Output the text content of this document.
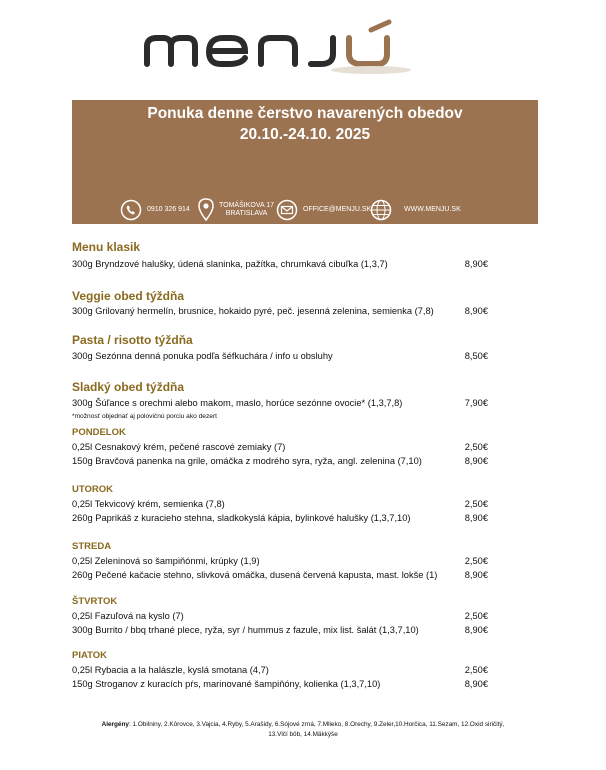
Ponuka denne čerstvo navarených obedov
20.10.-24.10. 2025
0910 326 914
TOMÁŠIKOVA 17
BRATISLAVA
OFFICE@MENJU.SK	WWW.MENJU.SK
Menu klasik
300g Bryndzové halušky, údená slaninka, pažítka, chrumkavá cibuľka (1,3,7)	8,90€
Veggie obed týždňa
300g Grilovaný hermelín, brusnice, hokaido pyré, peč. jesenná zelenina, semienka (7,8)	8,90€
Pasta / risotto týždňa
300g Sezónna denná ponuka podľa šéfkuchára / info u obsluhy	8,50€
Sladký obed týždňa
300g Šúľance s orechmi alebo makom, maslo, horúce sezónne ovocie* (1,3,7,8)	7,90€
*možnosť objednať aj polovičnú porciu ako dezert
PONDELOK
0,25l Cesnakový krém, pečené rascové zemiaky (7)	2,50€
150g Bravčová panenka na grile, omáčka z modrého syra, ryža, angl. zelenina (7,10)	8,90€
UTOROK
0,25l Tekvicový krém, semienka (7,8)	2,50€
260g Paprikáš z kuracieho stehna, sladkokyslá kápia, bylinkové halušky (1,3,7,10)	8,90€
STREDA
0,25l Zeleninová so šampiňónmi, krúpky (1,9)	2,50€
260g Pečené kačacie stehno, slivková omáčka, dusená červená kapusta, mast. lokše (1)	8,90€
ŠTVRTOK
0,25l Fazuľová na kyslo (7)	2,50€
300g Burrito / bbq trhané plece, ryža, syr / hummus z fazule, mix list. šalát (1,3,7,10)	8,90€
PIATOK
0,25l Rybacia a la halászle, kyslá smotana (4,7)	2,50€
150g Stroganov z kuracích pŕs, marinované šampiňóny, kolienka (1,3,7,10)	8,90€
Alergény: 1.Obilniny, 2.Kôrovce, 3.Vajcia, 4.Ryby, 5.Arašidy, 6.Sójové zrná, 7.Mlieko, 8.Orechy, 9.Zeler,10.Horčica, 11.Sezam, 12.Oxid siričitý,
13.Vlčí bôb, 14.Mäkkýše
